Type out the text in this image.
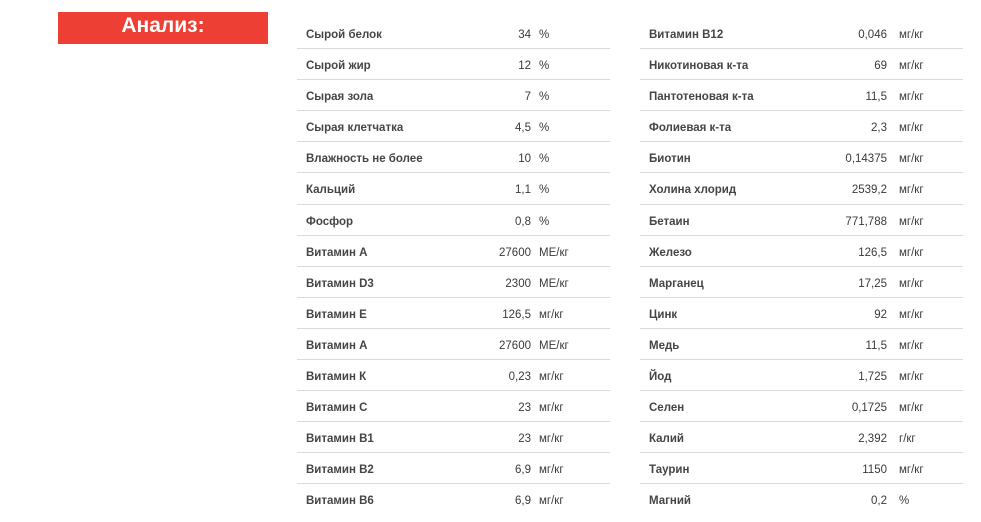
Анализ:	Сырой белок	34 %
Сырой жир	12 %
Сырая зола	7 %
Сырая клетчатка	4,5 %
Влажность не более	10 %
Кальций	1,1 %
Фосфор	0,8 %
Витамин А	27600 МЕ/кг
Витамин D3	2300 МЕ/кг
Витамин Е	126,5 мг/кг
Витамин А	27600 МЕ/кг
Витамин К	0,23 мг/кг
Витамин С	23 мг/кг
Витамин В1	23 мг/кг
Витамин В2	6,9 мг/кг
Витамин В6	6,9 мг/кг
Витамин В12	0,046 мг/кг
Никотиновая к-та	69 мг/кг
Пантотеновая к-та	11,5 мг/кг
Фолиевая к-та	2,3 мг/кг
Биотин	0,14375 мг/кг
Холина хлорид	2539,2 мг/кг
Бетаин	771,788 мг/кг
Железо	126,5 мг/кг
Марганец	17,25 мг/кг
Цинк	92 мг/кг
Медь	11,5 мг/кг
Йод	1,725 мг/кг
Селен	0,1725 мг/кг
Калий	2,392 г/кг
Таурин	1150 мг/кг
Магний	0,2 %
